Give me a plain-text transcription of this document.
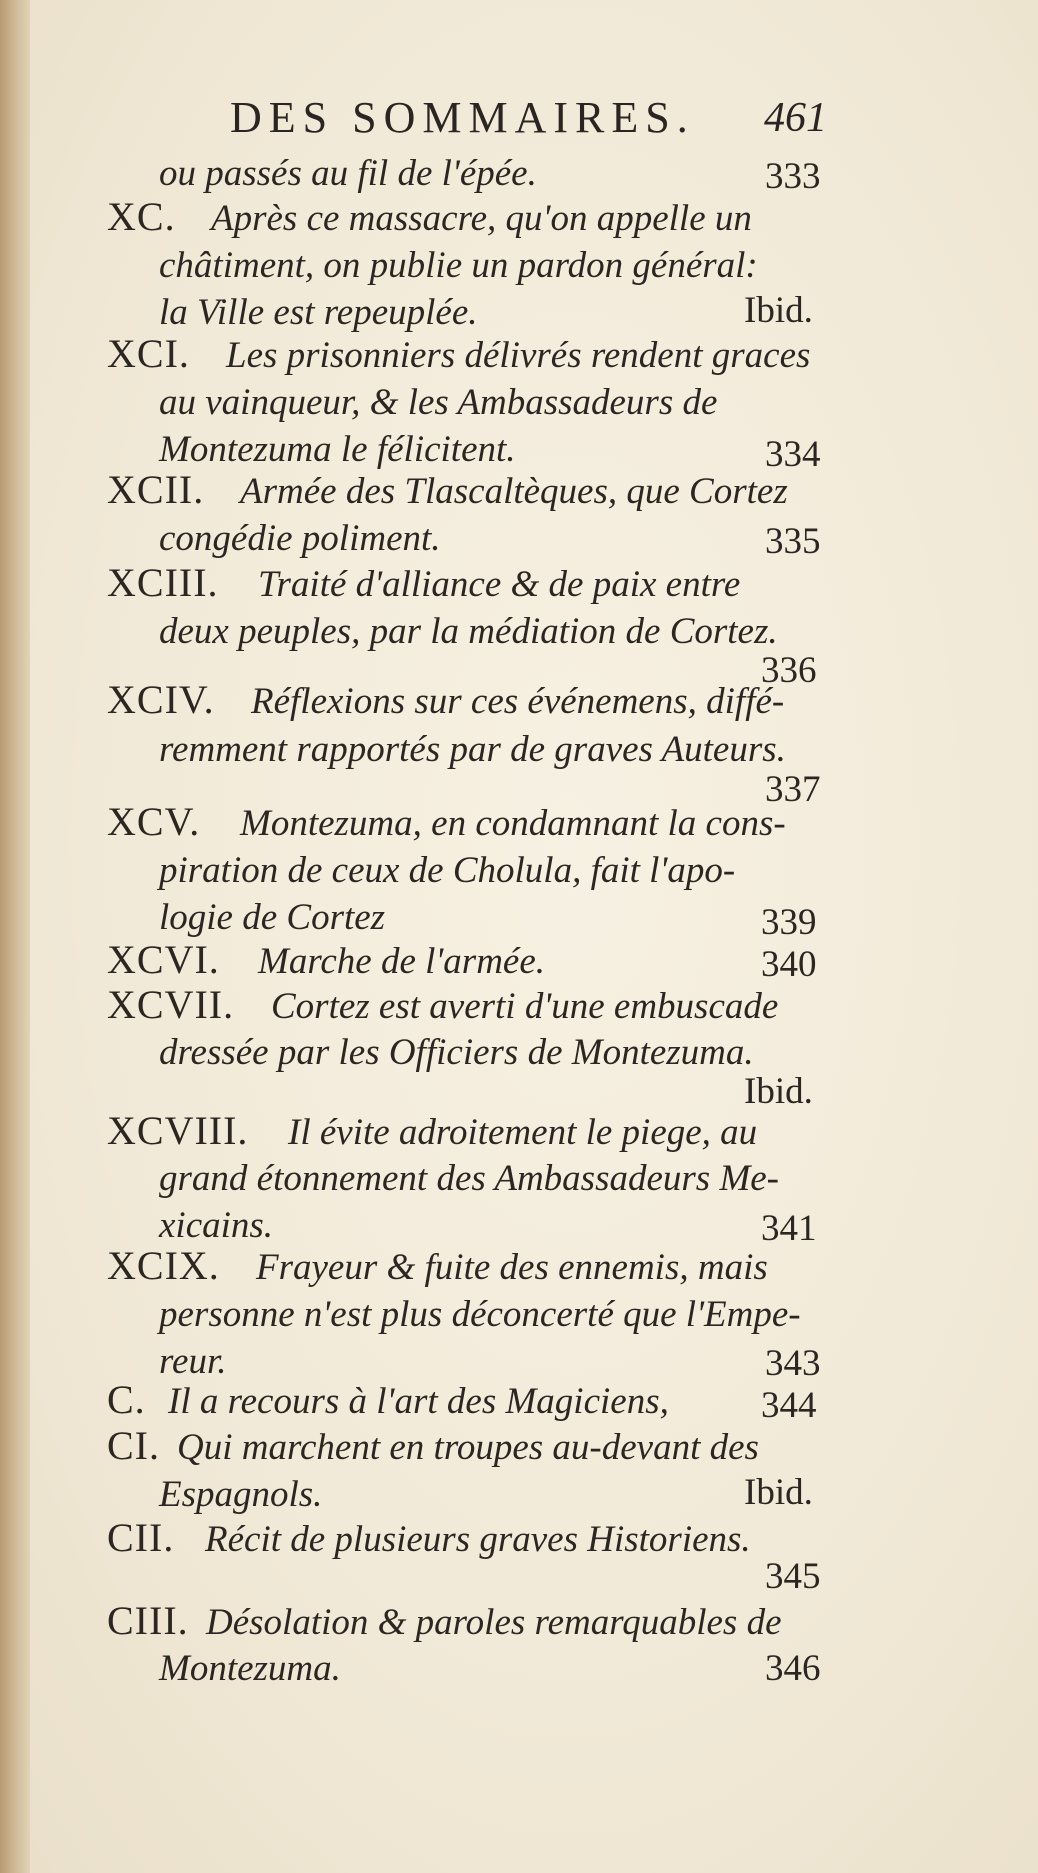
DES SOMMAIRES. 461
ou passés au fil de l'épée.	333
XC. Après ce massacre, qu'on appelle un
châtiment, on publie un pardon général:
la Ville est repeuplée.	Ibid.
XCI. Les prisonniers délivrés rendent graces
au vainqueur, & les Ambassadeurs de
Montezuma le félicitent.	334
XCII. Armée des Tlascaltèques, que Cortez
congédie poliment.	335
XCIII. Traité d'alliance & de paix entre
deux peuples, par la médiation de Cortez.
336
XCIV. Réflexions sur ces événemens, diffé-
remment rapportés par de graves Auteurs.
337
XCV. Montezuma, en condamnant la cons-
piration de ceux de Cholula, fait l'apo-
logie de Cortez	339
XCVI. Marche de l'armée.	340
XCVII. Cortez est averti d'une embuscade
dressée par les Officiers de Montezuma.
Ibid.
XCVIII. Il évite adroitement le piege, au
grand étonnement des Ambassadeurs Me-
xicains.	341
XCIX. Frayeur & fuite des ennemis, mais
personne n'est plus déconcerté que l'Empe-
reur.	343
C. Il a recours à l'art des Magiciens, 344
CI. Qui marchent en troupes au-devant des
Espagnols.	Ibid.
CII. Récit de plusieurs graves Historiens.
345
CIII. Désolation & paroles remarquables de
Montezuma.	346
